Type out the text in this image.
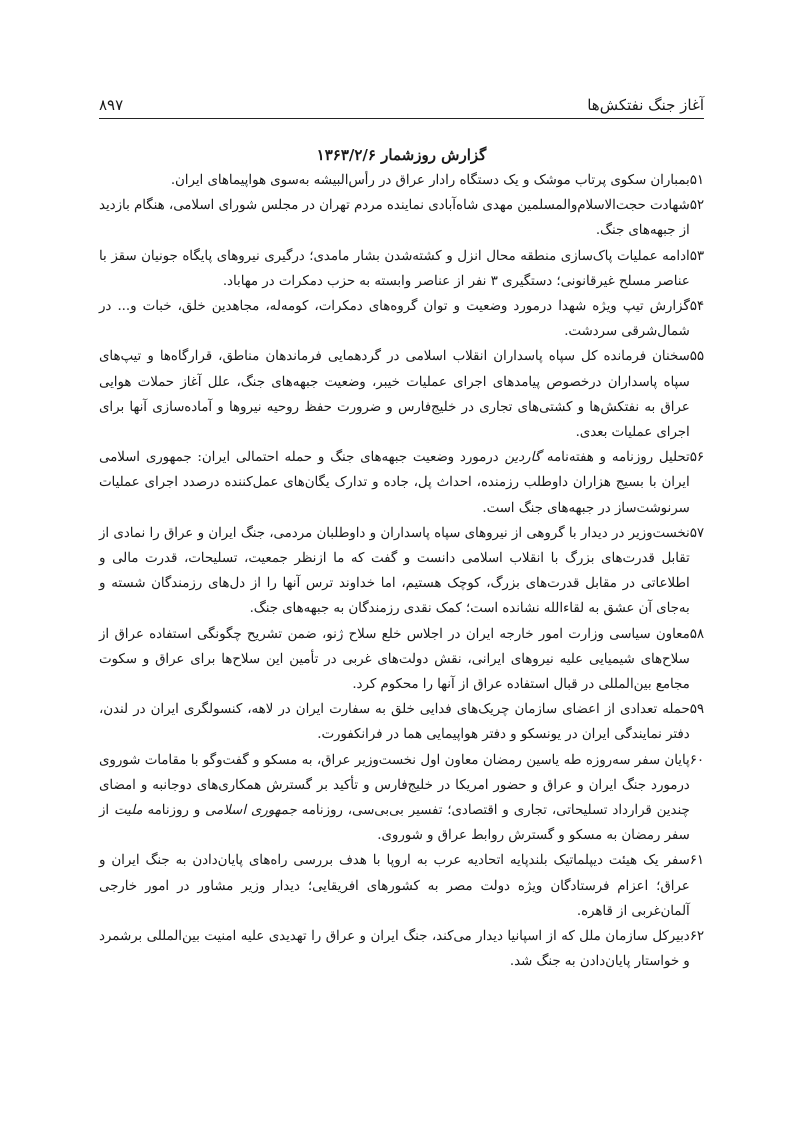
آغاز جنگ نفتکش‌ها
۸۹۷
گزارش روزشمار ۱۳۶۳/۲/۶
۵۱
بمباران سکوی پرتاب موشک و یک دستگاه رادار عراق در رأس‌البیشه به‌سوی هواپیماهای ایران.
۵۲
شهادت حجت‌الاسلام‌والمسلمین مهدی شاه‌آبادی نماینده مردم تهران در مجلس شورای اسلامی، هنگام بازدید از جبهه‌های جنگ.
۵۳
ادامه عملیات پاک‌سازی منطقه محال انزل و کشته‌شدن بشار مامدی؛ درگیری نیروهای پایگاه جونیان سقز با عناصر مسلح غیرقانونی؛ دستگیری ۳ نفر از عناصر وابسته به حزب دمکرات در مهاباد.
۵۴
گزارش تیپ ویژه شهدا درمورد وضعیت و توان گروه‌های دمکرات، کومه‌له، مجاهدین خلق، خبات و... در شمال‌شرقی سردشت.
۵۵
سخنان فرمانده کل سپاه پاسداران انقلاب اسلامی در گردهمایی فرماندهان مناطق، قرارگاه‌ها و تیپ‌های سپاه پاسداران درخصوص پیامدهای اجرای عملیات خیبر، وضعیت جبهه‌های جنگ، علل آغاز حملات هوایی عراق به نفتکش‌ها و کشتی‌های تجاری در خلیج‌فارس و ضرورت حفظ روحیه نیروها و آماده‌سازی آنها برای اجرای عملیات بعدی.
۵۶
تحلیل روزنامه و هفته‌نامه گاردین درمورد وضعیت جبهه‌های جنگ و حمله احتمالی ایران: جمهوری اسلامی ایران با بسیج هزاران داوطلب رزمنده، احداث پل، جاده و تدارک یگان‌های عمل‌کننده درصدد اجرای عملیات سرنوشت‌ساز در جبهه‌های جنگ است.
۵۷
نخست‌وزیر در دیدار با گروهی از نیروهای سپاه پاسداران و داوطلبان مردمی، جنگ ایران و عراق را نمادی از تقابل قدرت‌های بزرگ با انقلاب اسلامی دانست و گفت که ما ازنظر جمعیت، تسلیحات، قدرت مالی و اطلاعاتی در مقابل قدرت‌های بزرگ، کوچک هستیم، اما خداوند ترس آنها را از دل‌های رزمندگان شسته و به‌جای آن عشق به لقاءالله نشانده است؛ کمک نقدی رزمندگان به جبهه‌های جنگ.
۵۸
معاون سیاسی وزارت امور خارجه ایران در اجلاس خلع سلاح ژنو، ضمن تشریح چگونگی استفاده عراق از سلاح‌های شیمیایی علیه نیروهای ایرانی، نقش دولت‌های غربی در تأمین این سلاح‌ها برای عراق و سکوت مجامع بین‌المللی در قبال استفاده عراق از آنها را محکوم کرد.
۵۹
حمله تعدادی از اعضای سازمان چریک‌های فدایی خلق به سفارت ایران در لاهه، کنسولگری ایران در لندن، دفتر نمایندگی ایران در یونسکو و دفتر هواپیمایی هما در فرانکفورت.
۶۰
پایان سفر سه‌روزه طه یاسین رمضان معاون اول نخست‌وزیر عراق، به مسکو و گفت‌وگو با مقامات شوروی درمورد جنگ ایران و عراق و حضور امریکا در خلیج‌فارس و تأکید بر گسترش همکاری‌های دوجانبه و امضای چندین قرارداد تسلیحاتی، تجاری و اقتصادی؛ تفسیر بی‌بی‌سی، روزنامه جمهوری اسلامی و روزنامه ملیت از سفر رمضان به مسکو و گسترش روابط عراق و شوروی.
۶۱
سفر یک هیئت دیپلماتیک بلندپایه اتحادیه عرب به اروپا با هدف بررسی راه‌های پایان‌دادن به جنگ ایران و عراق؛ اعزام فرستادگان ویژه دولت مصر به کشورهای افریقایی؛ دیدار وزیر مشاور در امور خارجی آلمان‌غربی از قاهره.
۶۲
دبیرکل سازمان ملل که از اسپانیا دیدار می‌کند، جنگ ایران و عراق را تهدیدی علیه امنیت بین‌المللی برشمرد و خواستار پایان‌دادن به جنگ شد.
